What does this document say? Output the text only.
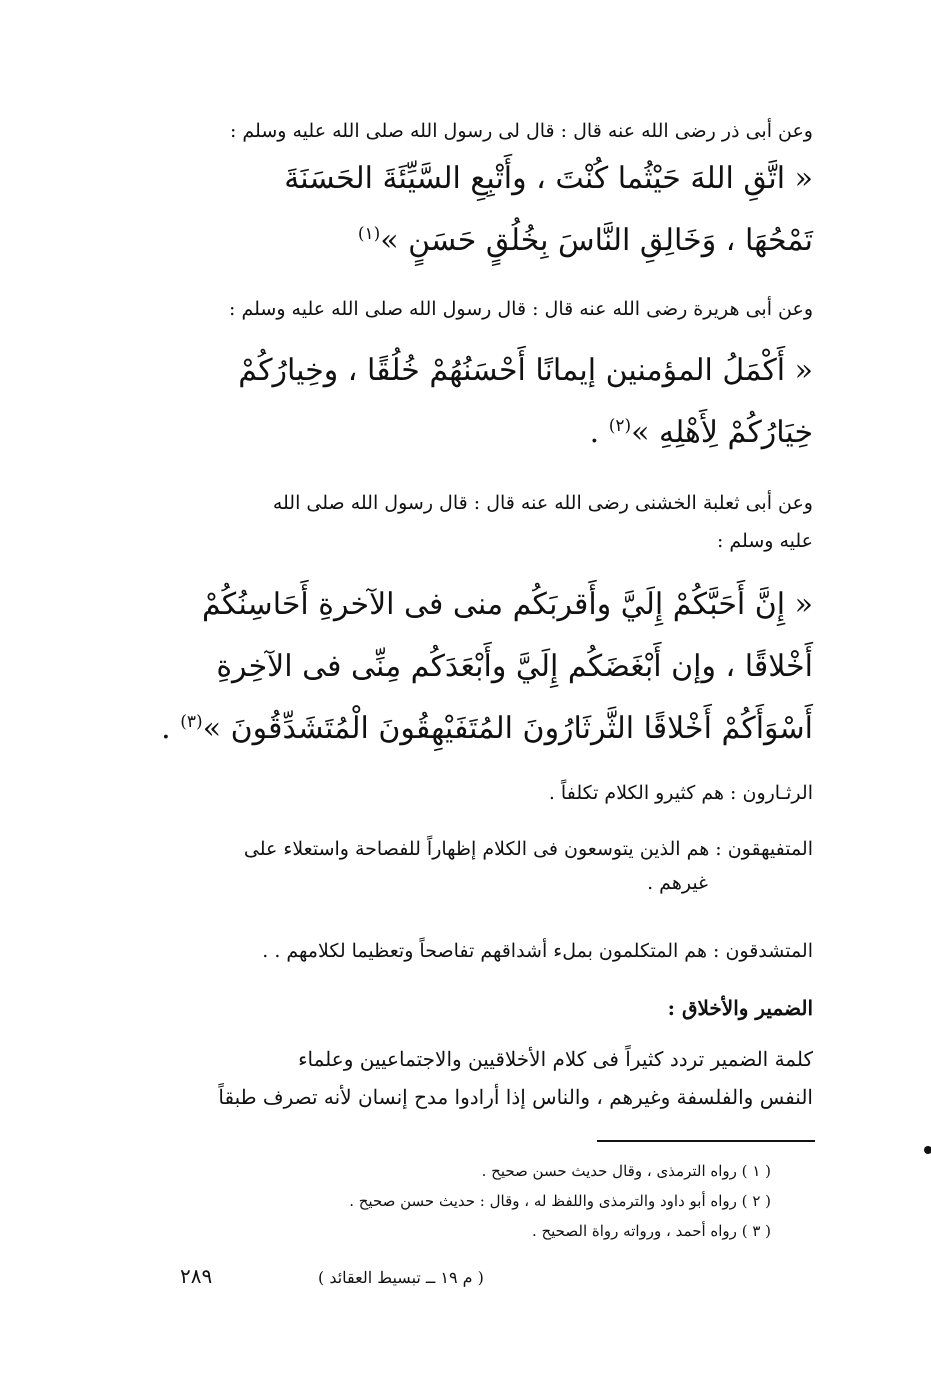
وعن أبى ذر رضى الله عنه قال : قال لى رسول الله صلى الله عليه وسلم :
« اتَّقِ اللهَ حَيْثُما كُنْتَ ، وأَتْبِعِ السَّيِّئَةَ الحَسَنَةَ
تَمْحُهَا ، وَخَالِقِ النَّاسَ بِخُلُقٍ حَسَنٍ »$^{(١)}$
وعن أبى هريرة رضى الله عنه قال : قال رسول الله صلى الله عليه وسلم :
« أَكْمَلُ المؤمنين إيمانًا أَحْسَنُهُمْ خُلُقًا ، وخِيارُكُمْ
خِيَارُكُمْ لِأَهْلِهِ »$^{(٢)}$ .
وعن أبى ثعلبة الخشنى رضى الله عنه قال : قال رسول الله صلى الله
عليه وسلم :
« إِنَّ أَحَبَّكُمْ إِلَيَّ وأَقربَكُم منى فى الآخرةِ أَحَاسِنُكُمْ
أَخْلاقًا ، وإن أَبْغَضَكُم إِلَيَّ وأَبْعَدَكُم مِنِّى فى الآخِرةِ
أَسْوَأَكُمْ أَخْلاقًا الثَّرثَارُونَ المُتَفَيْهِقُونَ الْمُتَشَدِّقُونَ »$^{(٣)}$ .
الرثـارون : هم كثيرو الكلام تكلفاً .
المتفيهقون : هم الذين يتوسعون فى الكلام إظهاراً للفصاحة واستعلاء على
غيرهم .
المتشدقون : هم المتكلمون بملء أشداقهم تفاصحاً وتعظيما لكلامهم . .
الضمير والأخلاق :
كلمة الضمير تردد كثيراً فى كلام الأخلاقيين والاجتماعيين وعلماء
النفس والفلسفة وغيرهم ، والناس إذا أرادوا مدح إنسان لأنه تصرف طبقاً
( ١ ) رواه الترمذى ، وقال حديث حسن صحيح .
( ٢ ) رواه أبو داود والترمذى واللفظ له ، وقال : حديث حسن صحيح .
( ٣ ) رواه أحمد ، ورواته رواة الصحيح .
( م ١٩ ــ تبسيط العقائد )
٢٨٩
